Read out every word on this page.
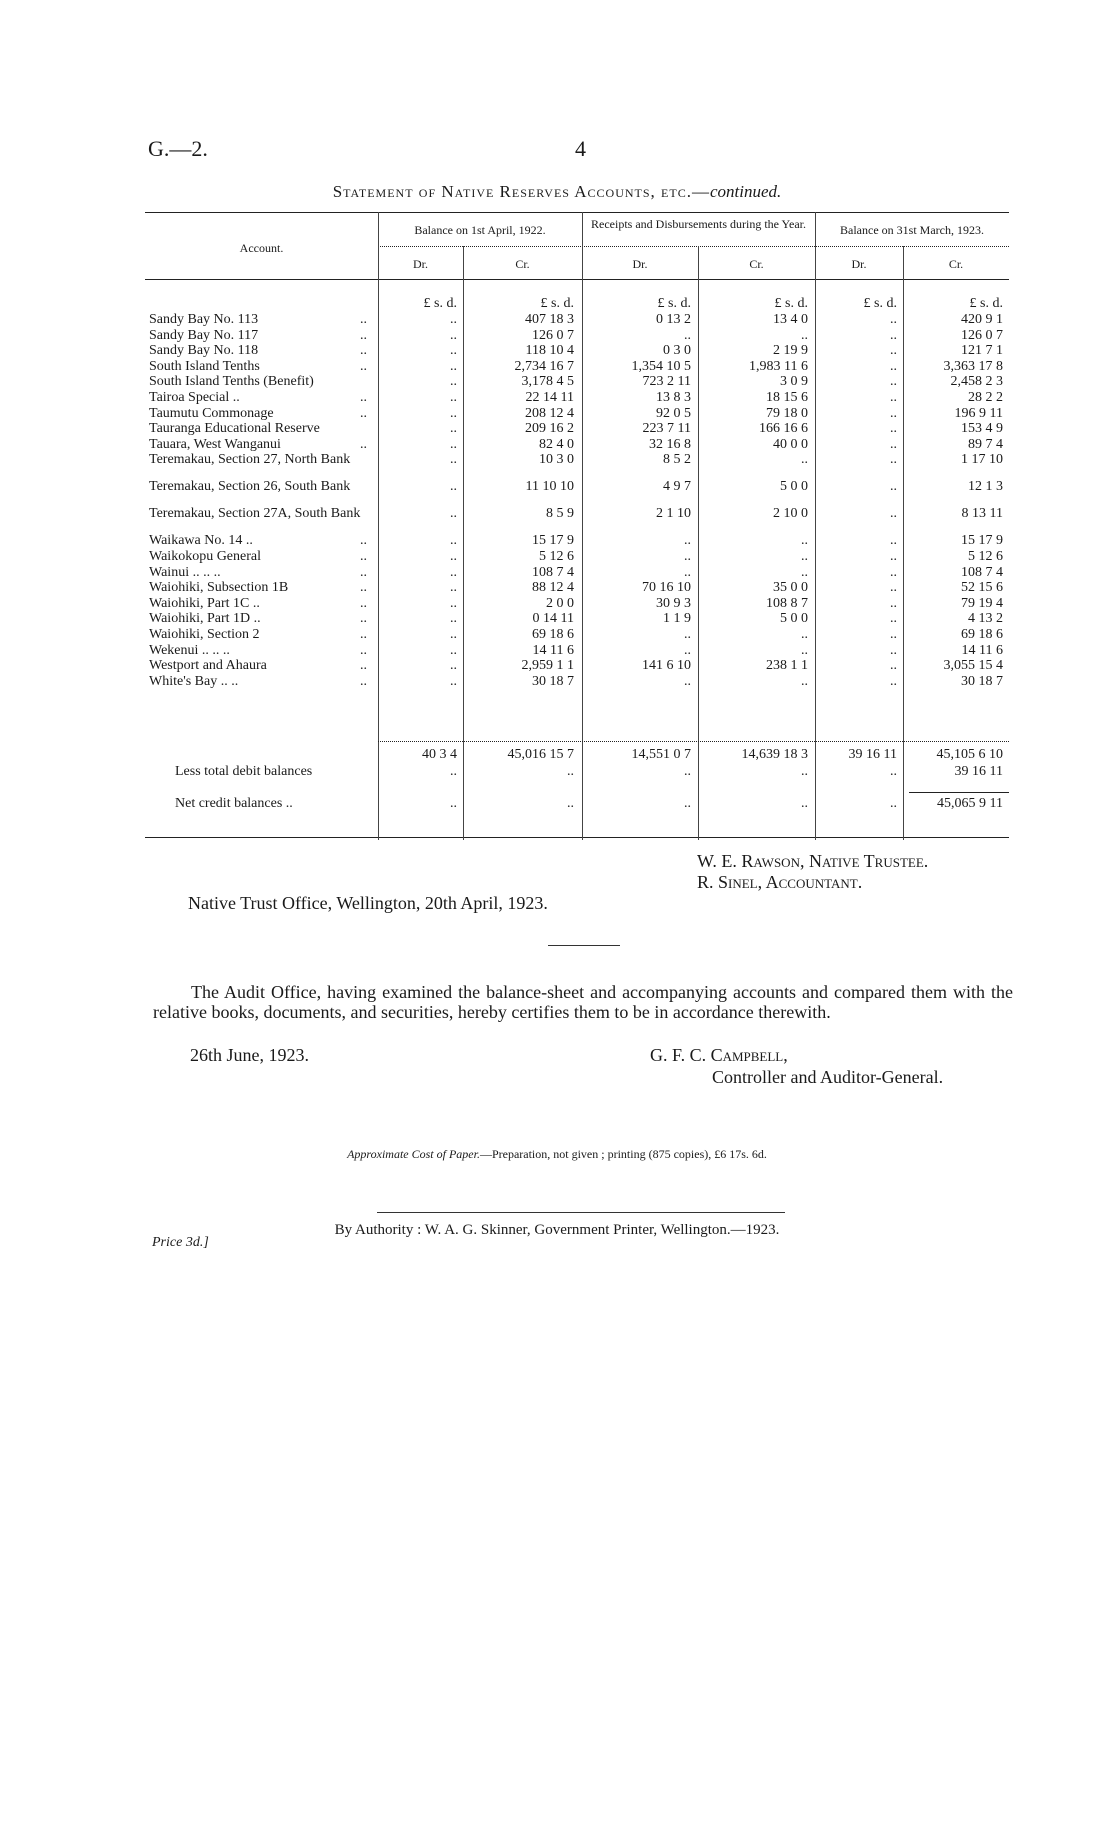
G.—2.	4
Statement of Native Reserves Accounts, etc.—continued.
Account.
Balance on 1st April, 1922.	Receipts and Disbursements during the Year.	Balance on 31st March, 1923.
Dr.	Cr.	Dr.	Cr.	Dr.	Cr.
£ s. d.	£ s. d.	£ s. d.	£ s. d.	£ s. d.	£ s. d.
Sandy Bay No. 113	..	..	407 18 3	0 13 2	13 4 0	..	420 9 1
Sandy Bay No. 117	..	..	126 0 7	..	..	..	126 0 7
Sandy Bay No. 118	..	..	118 10 4	0 3 0	2 19 9	..	121 7 1
South Island Tenths	..	..	2,734 16 7	1,354 10 5	1,983 11 6	..	3,363 17 8
South Island Tenths (Benefit)	..	3,178 4 5	723 2 11	3 0 9	..	2,458 2 3
Tairoa Special ..	..	..	22 14 11	13 8 3	18 15 6	..	28 2 2
Taumutu Commonage	..	..	208 12 4	92 0 5	79 18 0	..	196 9 11
Tauranga Educational Reserve	..	209 16 2	223 7 11	166 16 6	..	153 4 9
Tauara, West Wanganui	..	..	82 4 0	32 16 8	40 0 0	..	89 7 4
Teremakau, Section 27, North Bank	..	10 3 0	8 5 2	..	..	1 17 10
Teremakau, Section 26, South Bank	..	11 10 10	4 9 7	5 0 0	..	12 1 3
Teremakau, Section 27A, South Bank	..	8 5 9	2 1 10	2 10 0	..	8 13 11
Waikawa No. 14 ..	..	..	15 17 9	..	..	..	15 17 9
Waikokopu General	..	..	5 12 6	..	..	..	5 12 6
Wainui .. .. ..	..	..	108 7 4	..	..	..	108 7 4
Waiohiki, Subsection 1B	..	..	88 12 4	70 16 10	35 0 0	..	52 15 6
Waiohiki, Part 1C ..	..	..	2 0 0	30 9 3	108 8 7	..	79 19 4
Waiohiki, Part 1D ..	..	..	0 14 11	1 1 9	5 0 0	..	4 13 2
Waiohiki, Section 2	..	..	69 18 6	..	..	..	69 18 6
Wekenui .. .. ..	..	..	14 11 6	..	..	..	14 11 6
Westport and Ahaura	..	..	2,959 1 1	141 6 10	238 1 1	..	3,055 15 4
White's Bay .. ..	..	..	30 18 7	..	..	..	30 18 7
40 3 4	45,016 15 7	14,551 0 7	14,639 18 3	39 16 11	45,105 6 10
Less total debit balances	..	..	..	..	..	39 16 11
Net credit balances ..	..	..	..	..	..	45,065 9 11
W. E. Rawson, Native Trustee.
R. Sinel, Accountant.
Native Trust Office, Wellington, 20th April, 1923.
The Audit Office, having examined the balance-sheet and accompanying accounts and compared them with the relative books, documents, and securities, hereby certifies them to be in accordance therewith.
26th June, 1923.	G. F. C. Campbell,
Controller and Auditor-General.
Approximate Cost of Paper.—Preparation, not given ; printing (875 copies), £6 17s. 6d.
By Authority : W. A. G. Skinner, Government Printer, Wellington.—1923.
Price 3d.]
